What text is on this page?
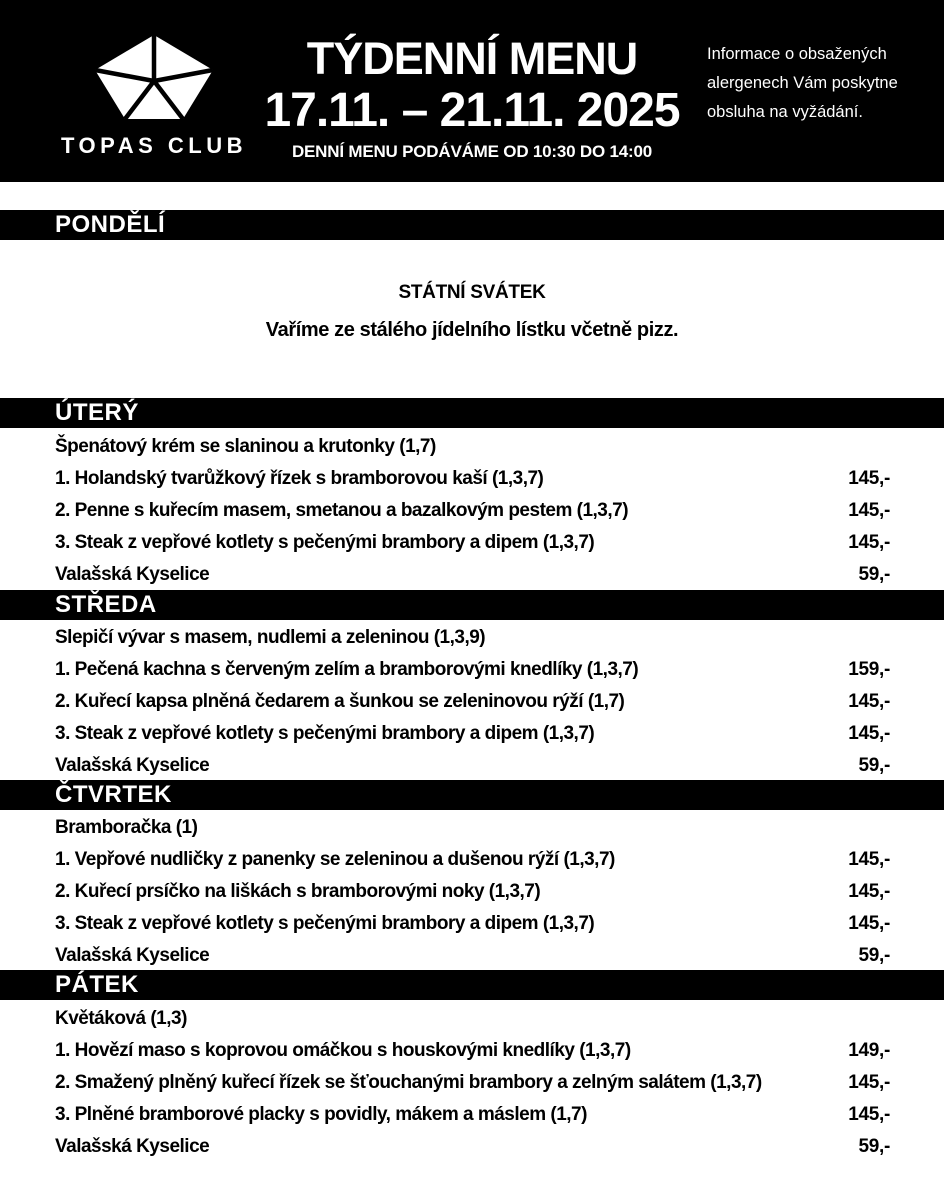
TOPAS CLUB
TÝDENNÍ MENU
17.11. – 21.11. 2025
DENNÍ MENU PODÁVÁME OD 10:30 DO 14:00
Informace o obsažených alergenech Vám poskytne obsluha na vyžádání.
PONDĚLÍ
STÁTNÍ SVÁTEK
Vaříme ze stálého jídelního lístku včetně pizz.
ÚTERÝ
Špenátový krém se slaninou a krutonky (1,7)
1. Holandský tvarůžkový řízek s bramborovou kaší (1,3,7)	145,-
2. Penne s kuřecím masem, smetanou a bazalkovým pestem (1,3,7)	145,-
3. Steak z vepřové kotlety s pečenými brambory a dipem (1,3,7)	145,-
Valašská Kyselice	59,-
STŘEDA
Slepičí vývar s masem, nudlemi a zeleninou (1,3,9)
1. Pečená kachna s červeným zelím a bramborovými knedlíky (1,3,7)	159,-
2. Kuřecí kapsa plněná čedarem a šunkou se zeleninovou rýží (1,7)	145,-
3. Steak z vepřové kotlety s pečenými brambory a dipem (1,3,7)	145,-
Valašská Kyselice	59,-
ČTVRTEK
Bramboračka (1)
1. Vepřové nudličky z panenky se zeleninou a dušenou rýží (1,3,7)	145,-
2. Kuřecí prsíčko na liškách s bramborovými noky (1,3,7)	145,-
3. Steak z vepřové kotlety s pečenými brambory a dipem (1,3,7)	145,-
Valašská Kyselice	59,-
PÁTEK
Květáková (1,3)
1. Hovězí maso s koprovou omáčkou s houskovými knedlíky (1,3,7)	149,-
2. Smažený plněný kuřecí řízek se šťouchanými brambory a zelným salátem (1,3,7)	145,-
3. Plněné bramborové placky s povidly, mákem a máslem (1,7)	145,-
Valašská Kyselice	59,-
